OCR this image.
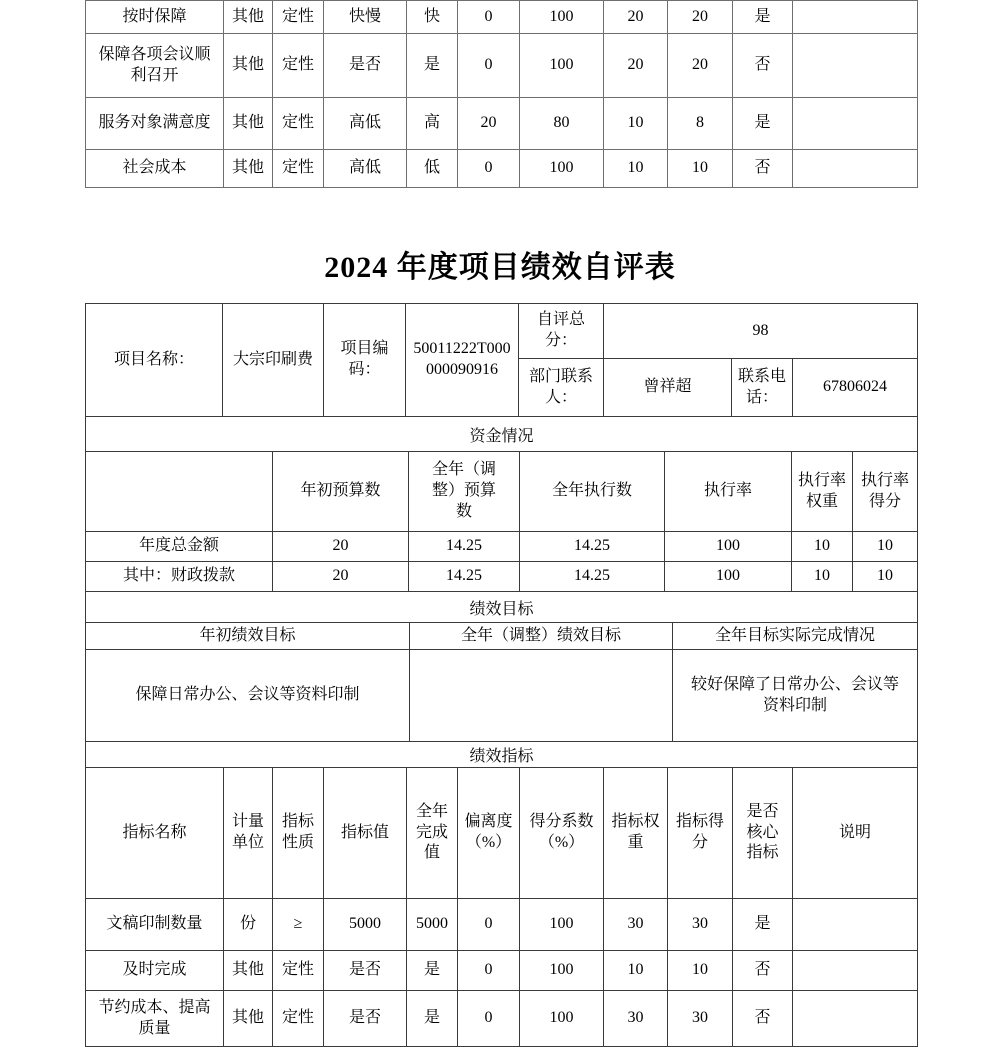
按时保障	其他	定性	快慢	快	0	100	20	20	是	
保障各项会议顺利召开	其他	定性	是否	是	0	100	20	20	否	
服务对象满意度	其他	定性	高低	高	20	80	10	8	是	
社会成本	其他	定性	高低	低	0	100	10	10	否	
2024 年度项目绩效自评表
项目名称：	大宗印刷费	项目编码：	50011222T000000090916	自评总分：	98		
				部门联系人：	曾祥超	联系电话：	67806024
资金情况
	年初预算数	全年（调整）预算数	全年执行数	执行率	执行率权重	执行率得分
年度总金额	20	14.25	14.25	100	10	10
其中：财政拨款	20	14.25	14.25	100	10	10
绩效目标
年初绩效目标	全年（调整）绩效目标	全年目标实际完成情况
保障日常办公、会议等资料印制		较好保障了日常办公、会议等资料印制
绩效指标
指标名称	计量单位	指标性质	指标值	全年完成值	偏离度（%）	得分系数（%）	指标权重	指标得分	是否核心指标	说明
文稿印制数量	份	≥	5000	5000	0	100	30	30	是	
及时完成	其他	定性	是否	是	0	100	10	10	否	
节约成本、提高质量	其他	定性	是否	是	0	100	30	30	否	
